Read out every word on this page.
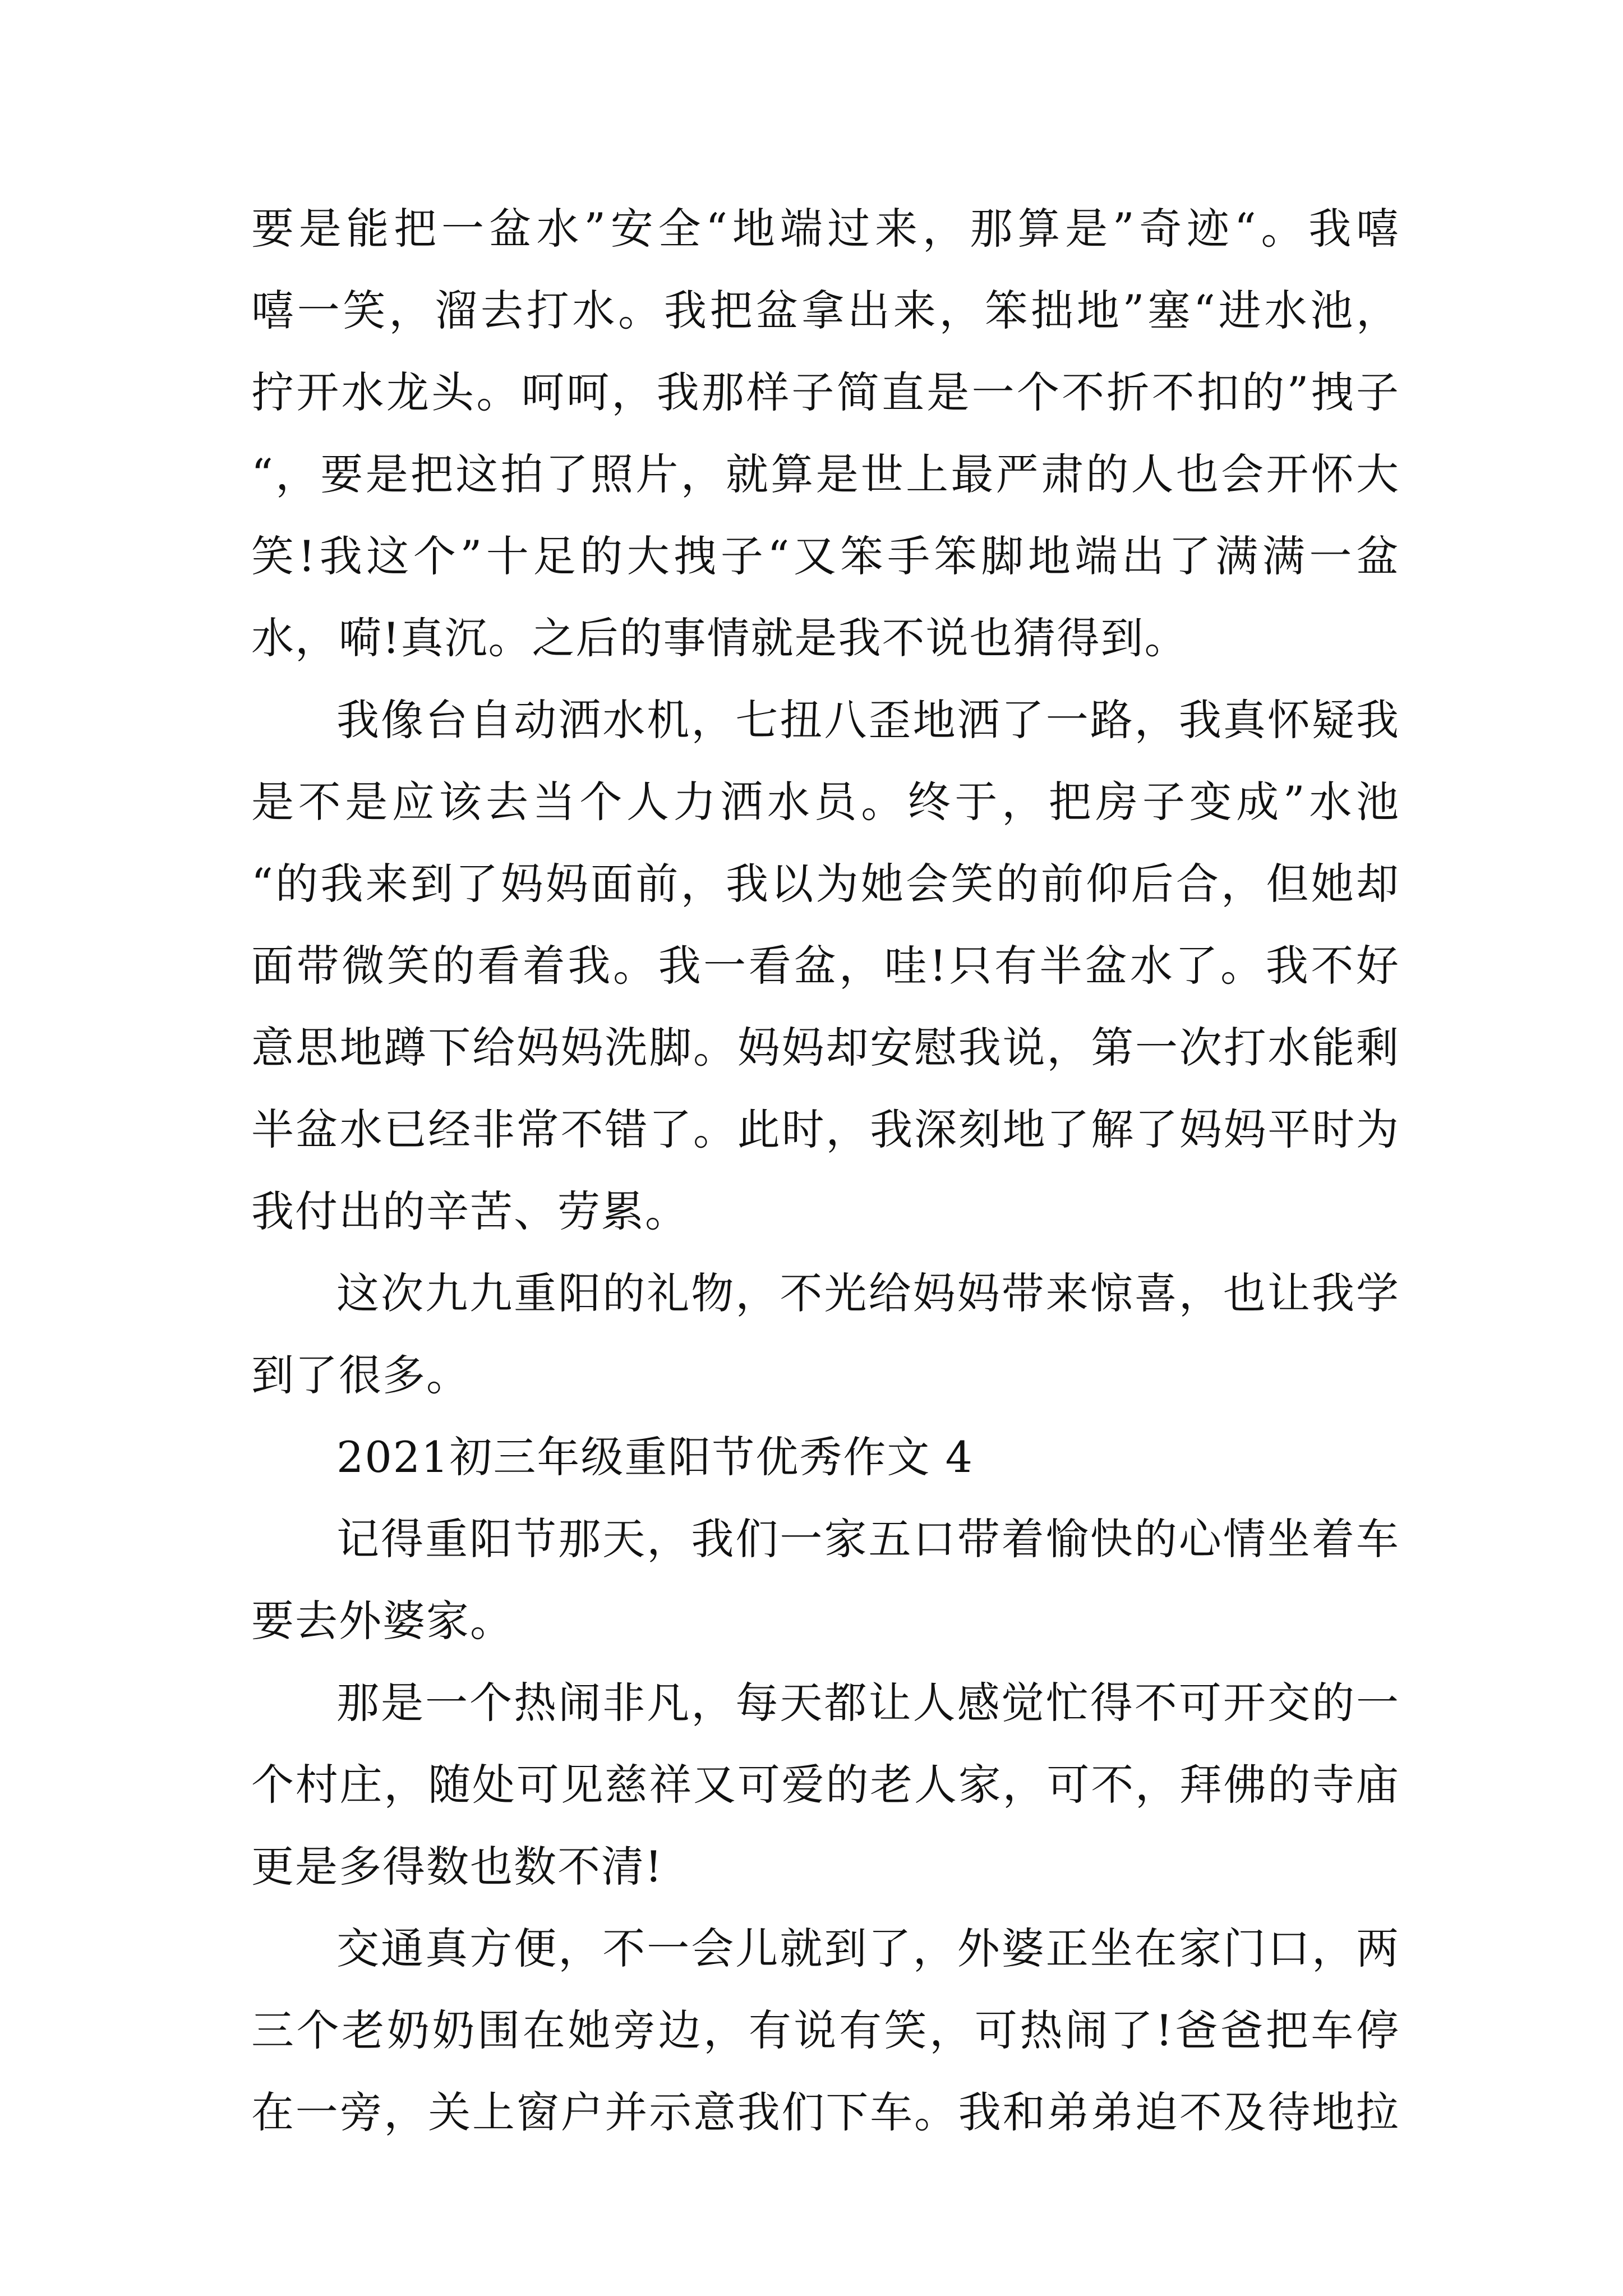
要是能把一盆水”安全“地端过来，那算是”奇迹“。我嘻
嘻一笑，溜去打水。我把盆拿出来，笨拙地”塞“进水池，
拧开水龙头。呵呵，我那样子简直是一个不折不扣的”拽子
“，要是把这拍了照片，就算是世上最严肃的人也会开怀大
笑!我这个”十足的大拽子“又笨手笨脚地端出了满满一盆
水，嗬!真沉。之后的事情就是我不说也猜得到。
我像台自动洒水机，七扭八歪地洒了一路，我真怀疑我
是不是应该去当个人力洒水员。终于，把房子变成”水池
“的我来到了妈妈面前，我以为她会笑的前仰后合，但她却
面带微笑的看着我。我一看盆，哇!只有半盆水了。我不好
意思地蹲下给妈妈洗脚。妈妈却安慰我说，第一次打水能剩
半盆水已经非常不错了。此时，我深刻地了解了妈妈平时为
我付出的辛苦、劳累。
这次九九重阳的礼物，不光给妈妈带来惊喜，也让我学
到了很多。
2021初三年级重阳节优秀作文 4
记得重阳节那天，我们一家五口带着愉快的心情坐着车
要去外婆家。
那是一个热闹非凡，每天都让人感觉忙得不可开交的一
个村庄，随处可见慈祥又可爱的老人家，可不，拜佛的寺庙
更是多得数也数不清!
交通真方便，不一会儿就到了，外婆正坐在家门口，两
三个老奶奶围在她旁边，有说有笑，可热闹了!爸爸把车停
在一旁，关上窗户并示意我们下车。我和弟弟迫不及待地拉
